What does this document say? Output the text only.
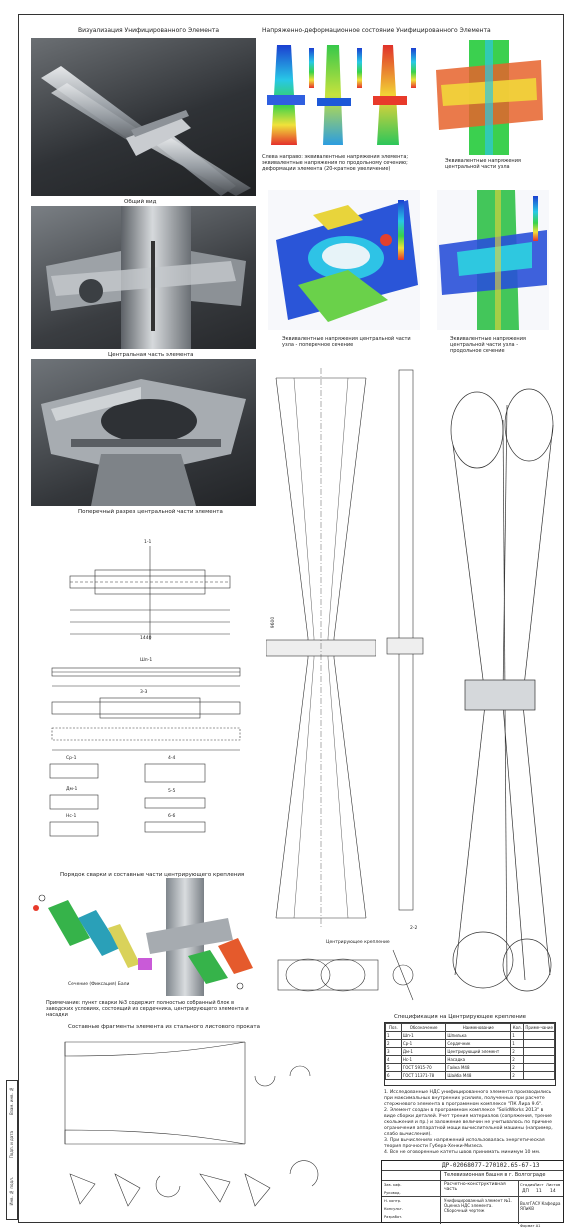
Инв. № подл.
Подп. и дата
Взам. инв. №
Визуализация Унифицированного Элемента
Общий вид
Центральная часть элемента
Поперечный разрез центральной части элемента
Напряженно-деформационное состояние Унифицированного Элемента
Слева направо: эквивалентные напряжения элемента; эквивалентные напряжения по продольному сечению; деформации элемента (20-кратное увеличение)
Эквивалентные напряжения центральной части узла
Эквивалентные напряжения центральной части узла - поперечное сечение
Эквивалентные напряжения центральной части узла - продольное сечение
1-1
1440
Шп-1
3-3
Ср-1	4-4
Дм-1	5-5
Нс-1	6-6
Порядок сварки и составные части центрирующего крепления
Примечание: пункт сварки №3 содержит полностью собранный блок в заводских условиях, состоящий из сердечника, центрирующего элемента и насадки
Составные фрагменты элемента из стального листового проката
9600
2-2
Центрирующее крепление
Сечение (Фиксация) Бали
Спецификация на Центрирующее крепление
Поз.	Обозначение	Наименование	Кол.	Приме-чание
1	Шп-1	Шпилька	1	
2	Ср-1	Сердечник	1	
3	Дм-1	Центрирующий элемент	2	
4	Нс-1	Насадка	2	
5	ГОСТ 5915-70	Гайка М48	2	
6	ГОСТ 11371-78	Шайба М48	2	
1. Исследованные НДС унифицированного элемента производились при максимальных внутренних усилиях, полученных при расчете стержневого элемента в программном комплексе "ПК Лира 9.6".
2. Элемент создан в программном комплексе "SolidWorks 2013" в виде сборки деталей. Учет трения материалов (сопряжения, трение скольжения и пр.) и заложение величин не учитывалось по причине ограничения аппаратной мощи вычислительной машины (например, слабо вычисления).
3. При вычислениях напряжений использовалась энергетическая теория прочности Губера-Хенки-Мизеса.
4. Все не оговоренные катеты швов принимать минимум 10 мм.
ДР-02068077-270102.65-67-13
Телевизионная башня в г. Волгограде
Расчетно-конструктивная часть
Стадия Лист Листов
ДП 11 14
Унифицированный элемент №1. Оценка НДС элемента. Сборочный чертеж
ВолгГАСУ Кафедра ЯЛиКВ
Зав. каф.
Руковод.
Н. контр.
Консульт.
Разработ.
Формат А1
